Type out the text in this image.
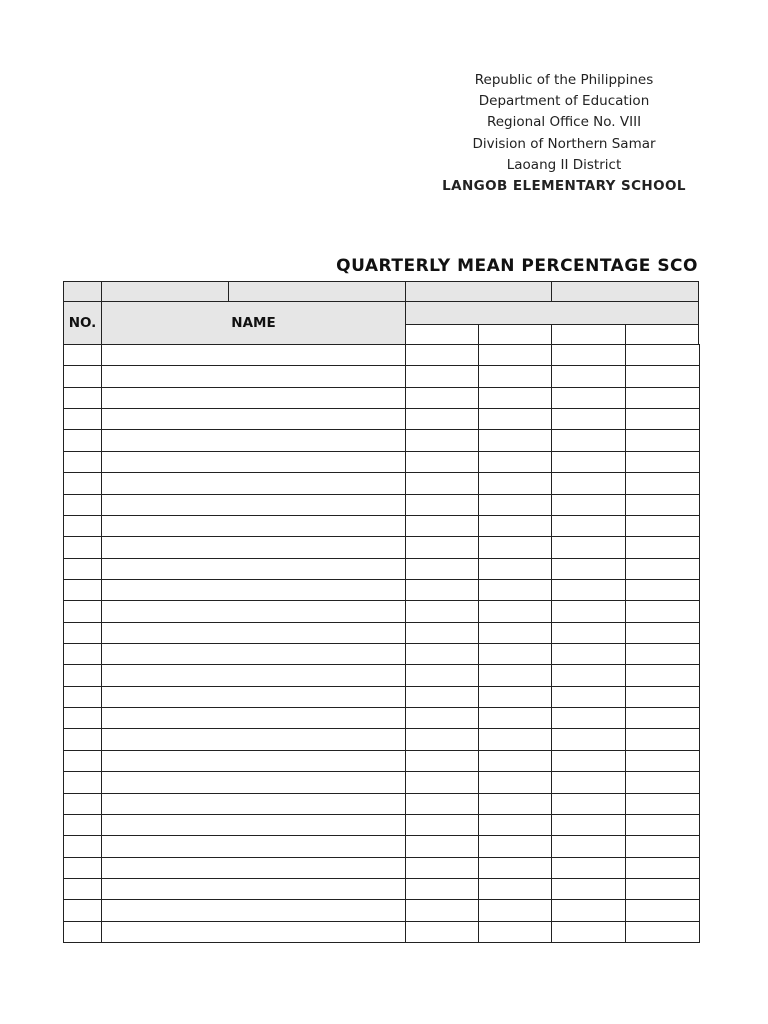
Republic of the Philippines
Department of Education
Regional Office No. VIII
Division of Northern Samar
Laoang II District
LANGOB ELEMENTARY SCHOOL
QUARTERLY MEAN PERCENTAGE SCO
NO.	NAME
